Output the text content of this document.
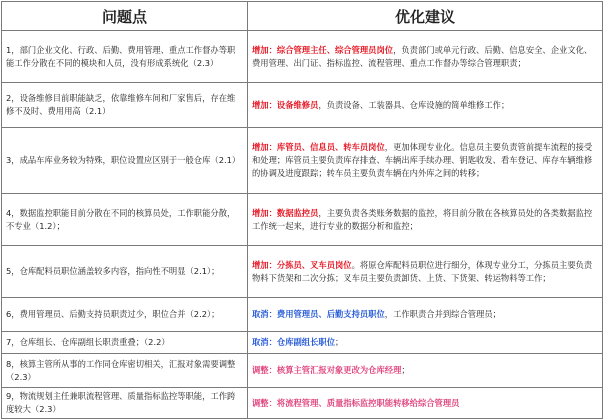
问题点	优化建议
1，部门企业文化、行政、后勤、费用管理、重点工作督办等职能工作分散在不同的模块和人员，没有形成系统化（2.3）	增加：综合管理主任、综合管理员岗位，负责部门或单元行政、后勤、信息安全、企业文化、费用管理、出门证、指标监控、流程管理、重点工作督办等综合管理职责；
2，设备维修目前职能缺乏，依靠维修车间和厂家售后，存在维修不及时、费用用高（2.1）	增加：设备维修员，负责设备、工装器具、仓库设施的简单维修工作；
3，成品车库业务较为特殊，职位设置应区别于一般仓库（2.1）	增加：库管员、信息员、转车员岗位，更加体现专业化。信息员主要负责管前提车流程的接受和处理；库管员主要负责库存排查、车辆出库手续办理、钥匙收发、看车登记、库存车辆维修的协调及进度跟踪；转车员主要负责车辆在内外库之间的转移；
4，数据监控职能目前分散在不同的核算员处，工作职能分散，不专业（1.2）；	增加：数据监控员，主要负责各类账务数据的监控，将目前分散在各核算员处的各类数据监控工作统一起来，进行专业的数据分析和监控；
5，仓库配料员职位涵盖较多内容，指向性不明显（2.1）；	增加：分拣员、叉车员岗位。将原仓库配料员职位进行细分，体现专业分工，分拣员主要负责物料下货架和二次分拣；叉车员主要负责卸货、上货、下货架、转运物料等工作；
6，费用管理员、后勤支持员职责过少，职位合并（2.2）；	取消：费用管理员、后勤支持员职位，工作职责合并到综合管理员；
7，仓库组长、仓库副组长职责重叠；（2.2）	取消：仓库副组长职位；
8，核算主管所从事的工作同仓库密切相关，汇报对象需要调整（2.3）	调整：核算主管汇报对象更改为仓库经理；
9，物流规划主任兼职流程管理、质量指标监控等职能，工作跨度较大（2.3）	调整：将流程管理、质量指标监控职能转移给综合管理员
